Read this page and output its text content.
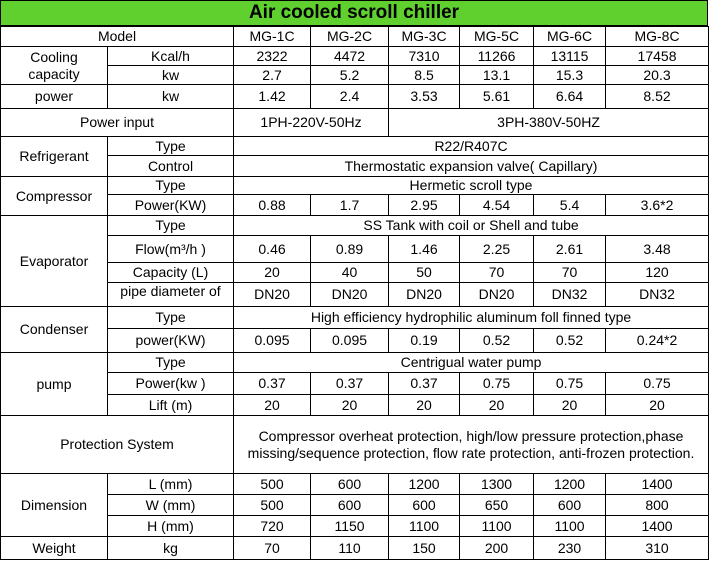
Air cooled scroll chiller
Model		MG-1C	MG-2C	MG-3C	MG-5C	MG-6C	MG-8C
Cooling capacity	Kcal/h	2322	4472	7310	11266	13115	17458
	kw	2.7	5.2	8.5	13.1	15.3	20.3
power	kw	1.42	2.4	3.53	5.61	6.64	8.52
Power input		1PH-220V-50Hz		3PH-380V-50HZ			
Refrigerant	Type	R22/R407C					
	Control	Thermostatic expansion valve( Capillary)					
Compressor	Type	Hermetic scroll type					
	Power(KW)	0.88	1.7	2.95	4.54	5.4	3.6*2
Evaporator	Type	SS Tank with coil or Shell and tube					
	Flow(m³/h )	0.46	0.89	1.46	2.25	2.61	3.48
	Capacity (L)	20	40	50	70	70	120
	pipe diameter of	DN20	DN20	DN20	DN20	DN32	DN32
Condenser	Type	High efficiency hydrophilic aluminum foll finned type					
	power(KW)	0.095	0.095	0.19	0.52	0.52	0.24*2
pump	Type	Centrigual water pump					
	Power(kw )	0.37	0.37	0.37	0.75	0.75	0.75
	Lift (m)	20	20	20	20	20	20
Protection System		Compressor overheat protection, high/low pressure protection,phase missing/sequence protection, flow rate protection, anti-frozen protection.					
Dimension	L (mm)	500	600	1200	1300	1200	1400
	W (mm)	500	600	600	650	600	800
	H (mm)	720	1150	1100	1100	1100	1400
Weight	kg	70	110	150	200	230	310
